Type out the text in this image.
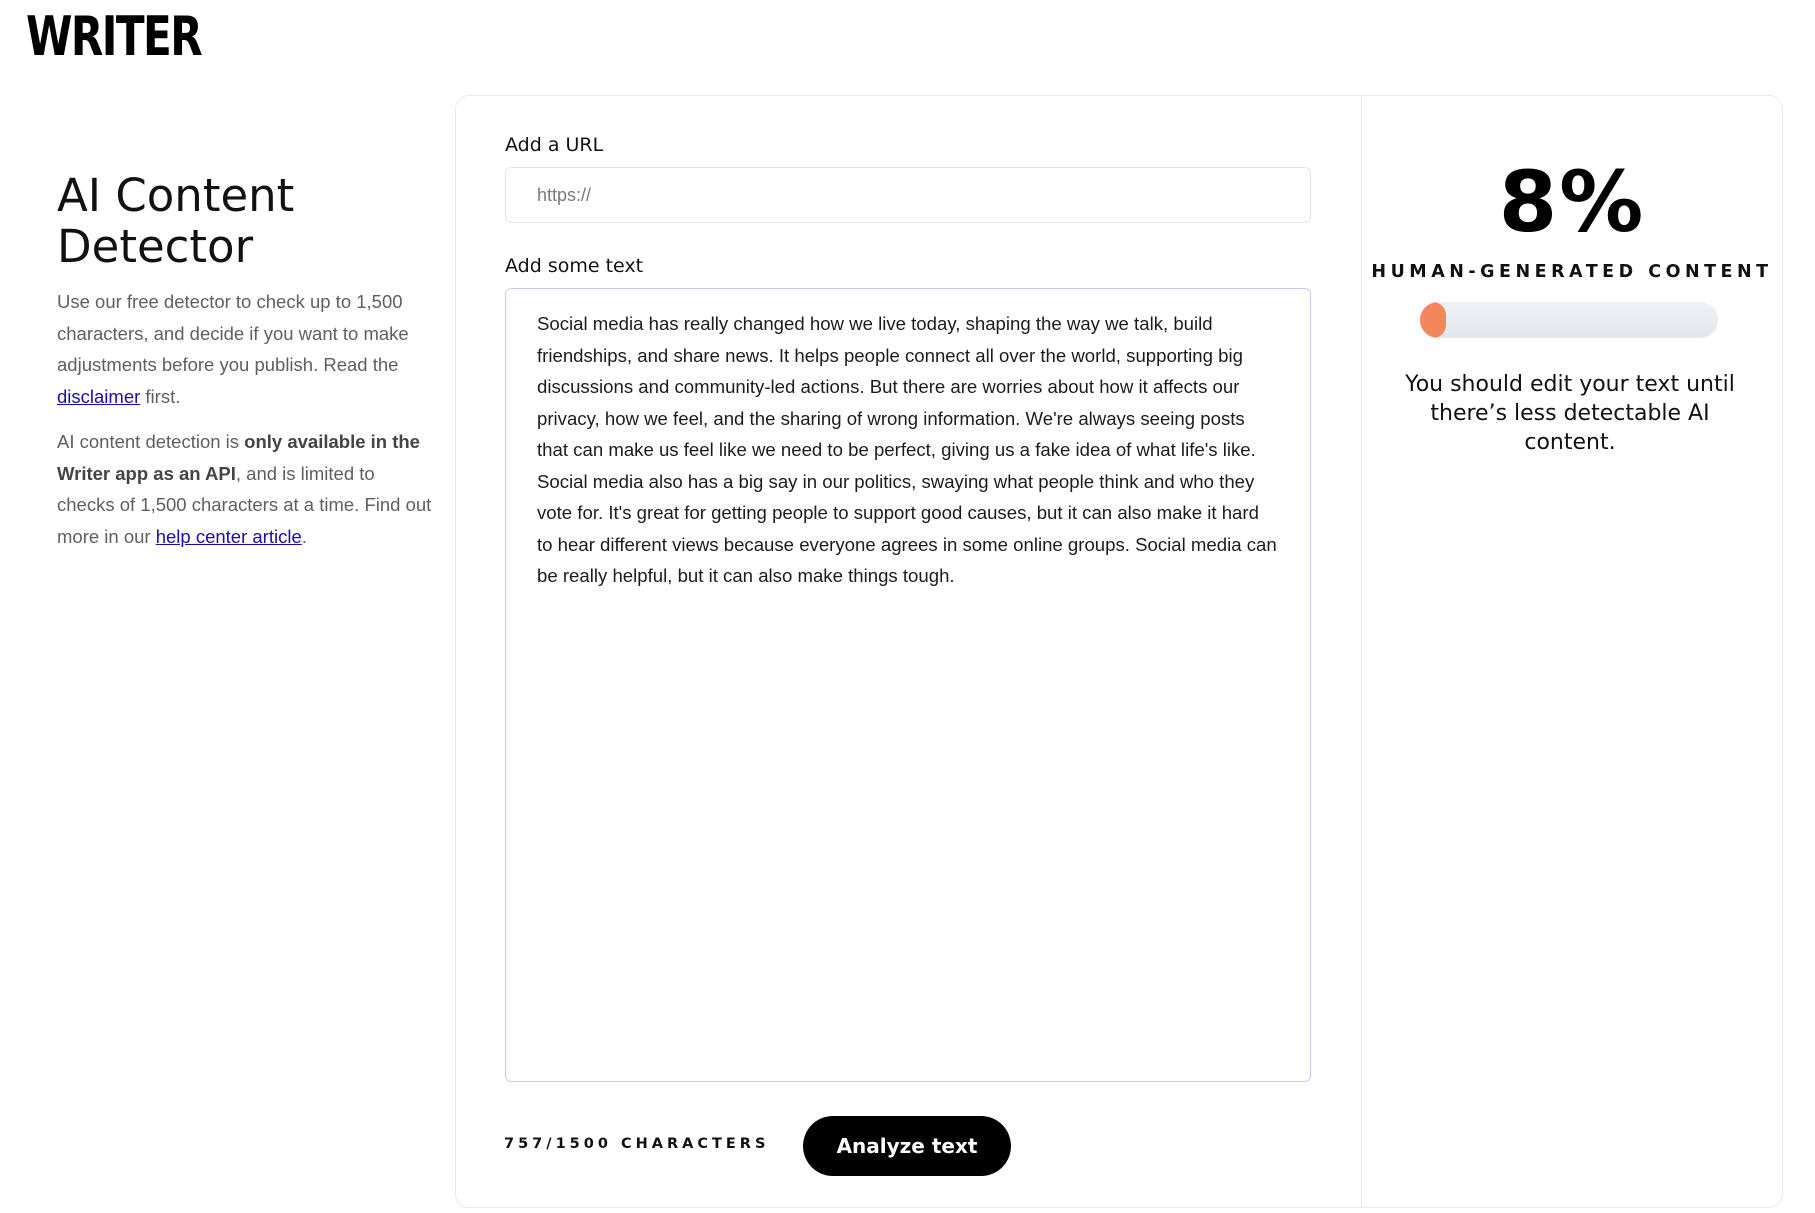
WRITER
AI Content Detector

Use our free detector to check up to 1,500 characters, and decide if you want to make adjustments before you publish. Read the disclaimer first.

AI content detection is only available in the Writer app as an API, and is limited to checks of 1,500 characters at a time. Find out more in our help center article.

Add a URL
https://
Add some text
Social media has really changed how we live today, shaping the way we talk, build friendships, and share news. It helps people connect all over the world, supporting big discussions and community-led actions. But there are worries about how it affects our privacy, how we feel, and the sharing of wrong information. We're always seeing posts that can make us feel like we need to be perfect, giving us a fake idea of what life's like. Social media also has a big say in our politics, swaying what people think and who they vote for. It's great for getting people to support good causes, but it can also make it hard to hear different views because everyone agrees in some online groups. Social media can be really helpful, but it can also make things tough.
757/1500 CHARACTERS	Analyze text
8%
HUMAN-GENERATED CONTENT
You should edit your text until there’s less detectable AI content.
